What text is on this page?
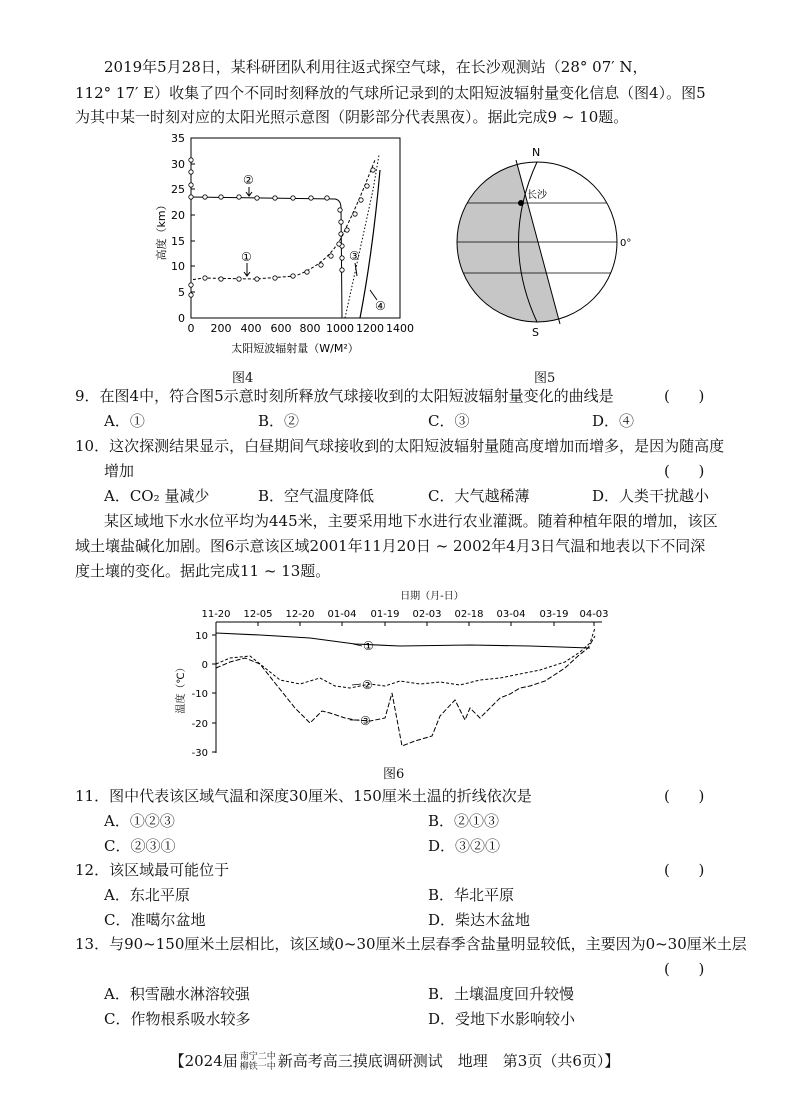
2019年5月28日，某科研团队利用往返式探空气球，在长沙观测站（28° 07′ N，
112° 17′ E）收集了四个不同时刻释放的气球所记录到的太阳短波辐射量变化信息（图4）。图5
为其中某一时刻对应的太阳光照示意图（阴影部分代表黑夜）。据此完成9 ~ 10题。
0
5
10
15
20
25
30
35
0 200 400 600 800 1000 1200 1400
高度（km）
太阳短波辐射量（W/M²）
②
①	③
④
图4
长沙
N
S
0°
图5
9．在图4中，符合图5示意时刻所释放气球接收到的太阳短波辐射量变化的曲线是	(      )
A．①	B．②	C．③	D．④
10．这次探测结果显示，白昼期间气球接收到的太阳短波辐射量随高度增加而增多，是因为随高度
增加	(      )
A．CO₂ 量减少	B．空气温度降低	C．大气越稀薄	D．人类干扰越小
某区域地下水水位平均为445米，主要采用地下水进行农业灌溉。随着种植年限的增加，该区
域土壤盐碱化加剧。图6示意该区域2001年11月20日 ~ 2002年4月3日气温和地表以下不同深
度土壤的变化。据此完成11 ~ 13题。
日期（月-日）
11-20 12-05 12-20 01-04 01-19 02-03 02-18 03-04 03-19 04-03
10
0
-10
-20
-30
温度（℃）
①
②
③
图6
11．图中代表该区域气温和深度30厘米、150厘米土温的折线依次是	(      )
A．①②③	B．②①③
C．②③①	D．③②①
12．该区域最可能位于	(      )
A．东北平原	B．华北平原
C．准噶尔盆地	D．柴达木盆地
13．与90~150厘米土层相比，该区域0~30厘米土层春季含盐量明显较低，主要因为0~30厘米土层
(      )
A．积雪融水淋溶较强	B．土壤温度回升较慢
C．作物根系吸水较多	D．受地下水影响较小
【2024届 南宁二中
柳铁一中 新高考高三摸底调研测试　地理　第3页（共6页）】
